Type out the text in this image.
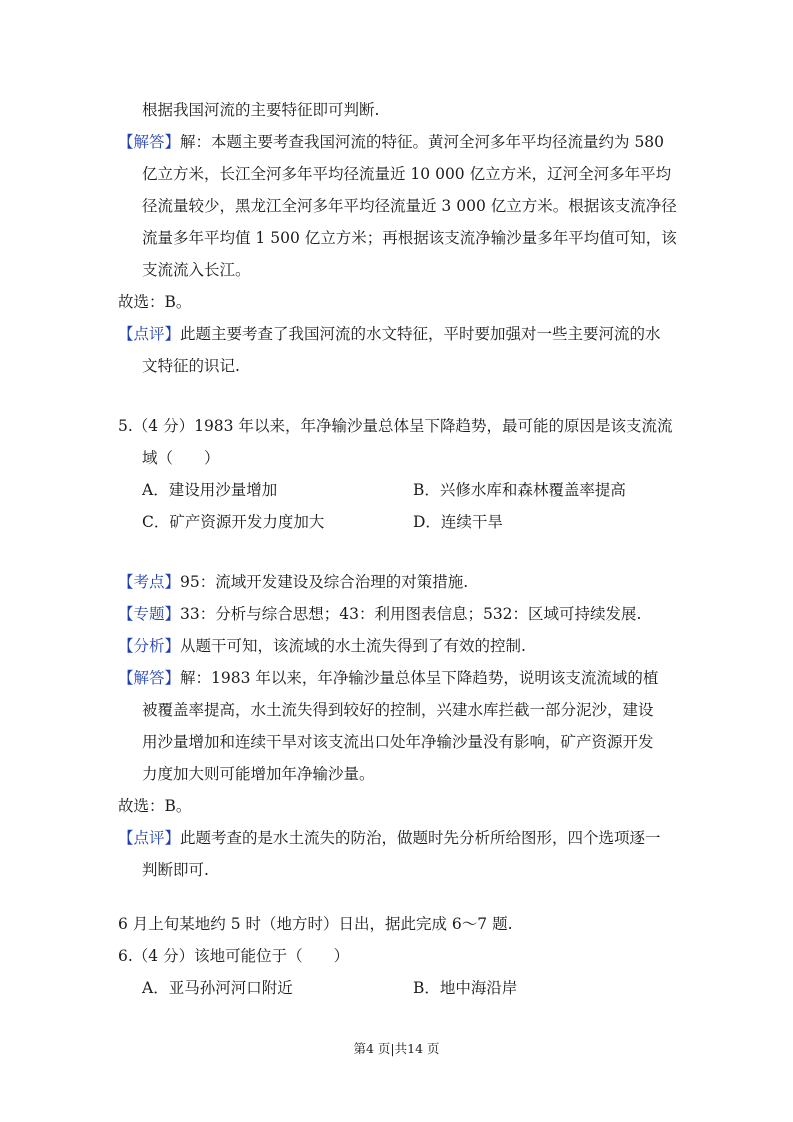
根据我国河流的主要特征即可判断.
【解答】解：本题主要考查我国河流的特征。黄河全河多年平均径流量约为 580
亿立方米，长江全河多年平均径流量近 10 000 亿立方米，辽河全河多年平均
径流量较少，黑龙江全河多年平均径流量近 3 000 亿立方米。根据该支流净径
流量多年平均值 1 500 亿立方米；再根据该支流净输沙量多年平均值可知，该
支流流入长江。
故选：B。
【点评】此题主要考查了我国河流的水文特征，平时要加强对一些主要河流的水
文特征的识记.
5.（4 分）1983 年以来，年净输沙量总体呈下降趋势，最可能的原因是该支流流
域（　　）
A．建设用沙量增加	B．兴修水库和森林覆盖率提高
C．矿产资源开发力度加大	D．连续干旱
【考点】95：流域开发建设及综合治理的对策措施.
【专题】33：分析与综合思想；43：利用图表信息；532：区域可持续发展.
【分析】从题干可知，该流域的水土流失得到了有效的控制.
【解答】解：1983 年以来，年净输沙量总体呈下降趋势，说明该支流流域的植
被覆盖率提高，水土流失得到较好的控制，兴建水库拦截一部分泥沙，建设
用沙量增加和连续干旱对该支流出口处年净输沙量没有影响，矿产资源开发
力度加大则可能增加年净输沙量。
故选：B。
【点评】此题考查的是水土流失的防治，做题时先分析所给图形，四个选项逐一
判断即可.
6 月上旬某地约 5 时（地方时）日出，据此完成 6～7 题.
6.（4 分）该地可能位于（　　）
A．亚马孙河河口附近	B．地中海沿岸
第4 页|共14 页
